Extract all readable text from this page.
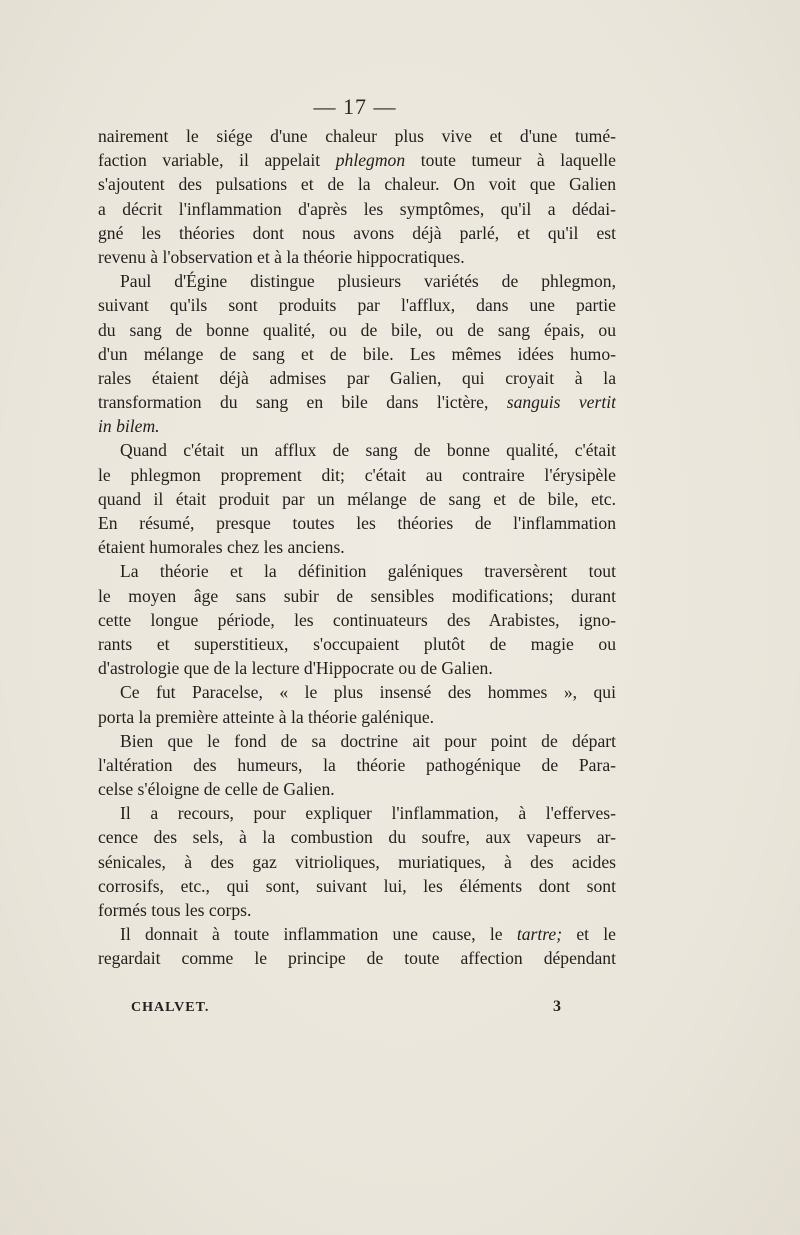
— 17 —
nairement le siége d'une chaleur plus vive et d'une tumé-
faction variable, il appelait phlegmon toute tumeur à laquelle
s'ajoutent des pulsations et de la chaleur. On voit que Galien
a décrit l'inflammation d'après les symptômes, qu'il a dédai-
gné les théories dont nous avons déjà parlé, et qu'il est
revenu à l'observation et à la théorie hippocratiques.
Paul d'Égine distingue plusieurs variétés de phlegmon,
suivant qu'ils sont produits par l'afflux, dans une partie
du sang de bonne qualité, ou de bile, ou de sang épais, ou
d'un mélange de sang et de bile. Les mêmes idées humo-
rales étaient déjà admises par Galien, qui croyait à la
transformation du sang en bile dans l'ictère, sanguis vertit
in bilem.
Quand c'était un afflux de sang de bonne qualité, c'était
le phlegmon proprement dit; c'était au contraire l'érysipèle
quand il était produit par un mélange de sang et de bile, etc.
En résumé, presque toutes les théories de l'inflammation
étaient humorales chez les anciens.
La théorie et la définition galéniques traversèrent tout
le moyen âge sans subir de sensibles modifications; durant
cette longue période, les continuateurs des Arabistes, igno-
rants et superstitieux, s'occupaient plutôt de magie ou
d'astrologie que de la lecture d'Hippocrate ou de Galien.
Ce fut Paracelse, « le plus insensé des hommes », qui
porta la première atteinte à la théorie galénique.
Bien que le fond de sa doctrine ait pour point de départ
l'altération des humeurs, la théorie pathogénique de Para-
celse s'éloigne de celle de Galien.
Il a recours, pour expliquer l'inflammation, à l'efferves-
cence des sels, à la combustion du soufre, aux vapeurs ar-
sénicales, à des gaz vitrioliques, muriatiques, à des acides
corrosifs, etc., qui sont, suivant lui, les éléments dont sont
formés tous les corps.
Il donnait à toute inflammation une cause, le tartre; et le
regardait comme le principe de toute affection dépendant
CHALVET.	3
